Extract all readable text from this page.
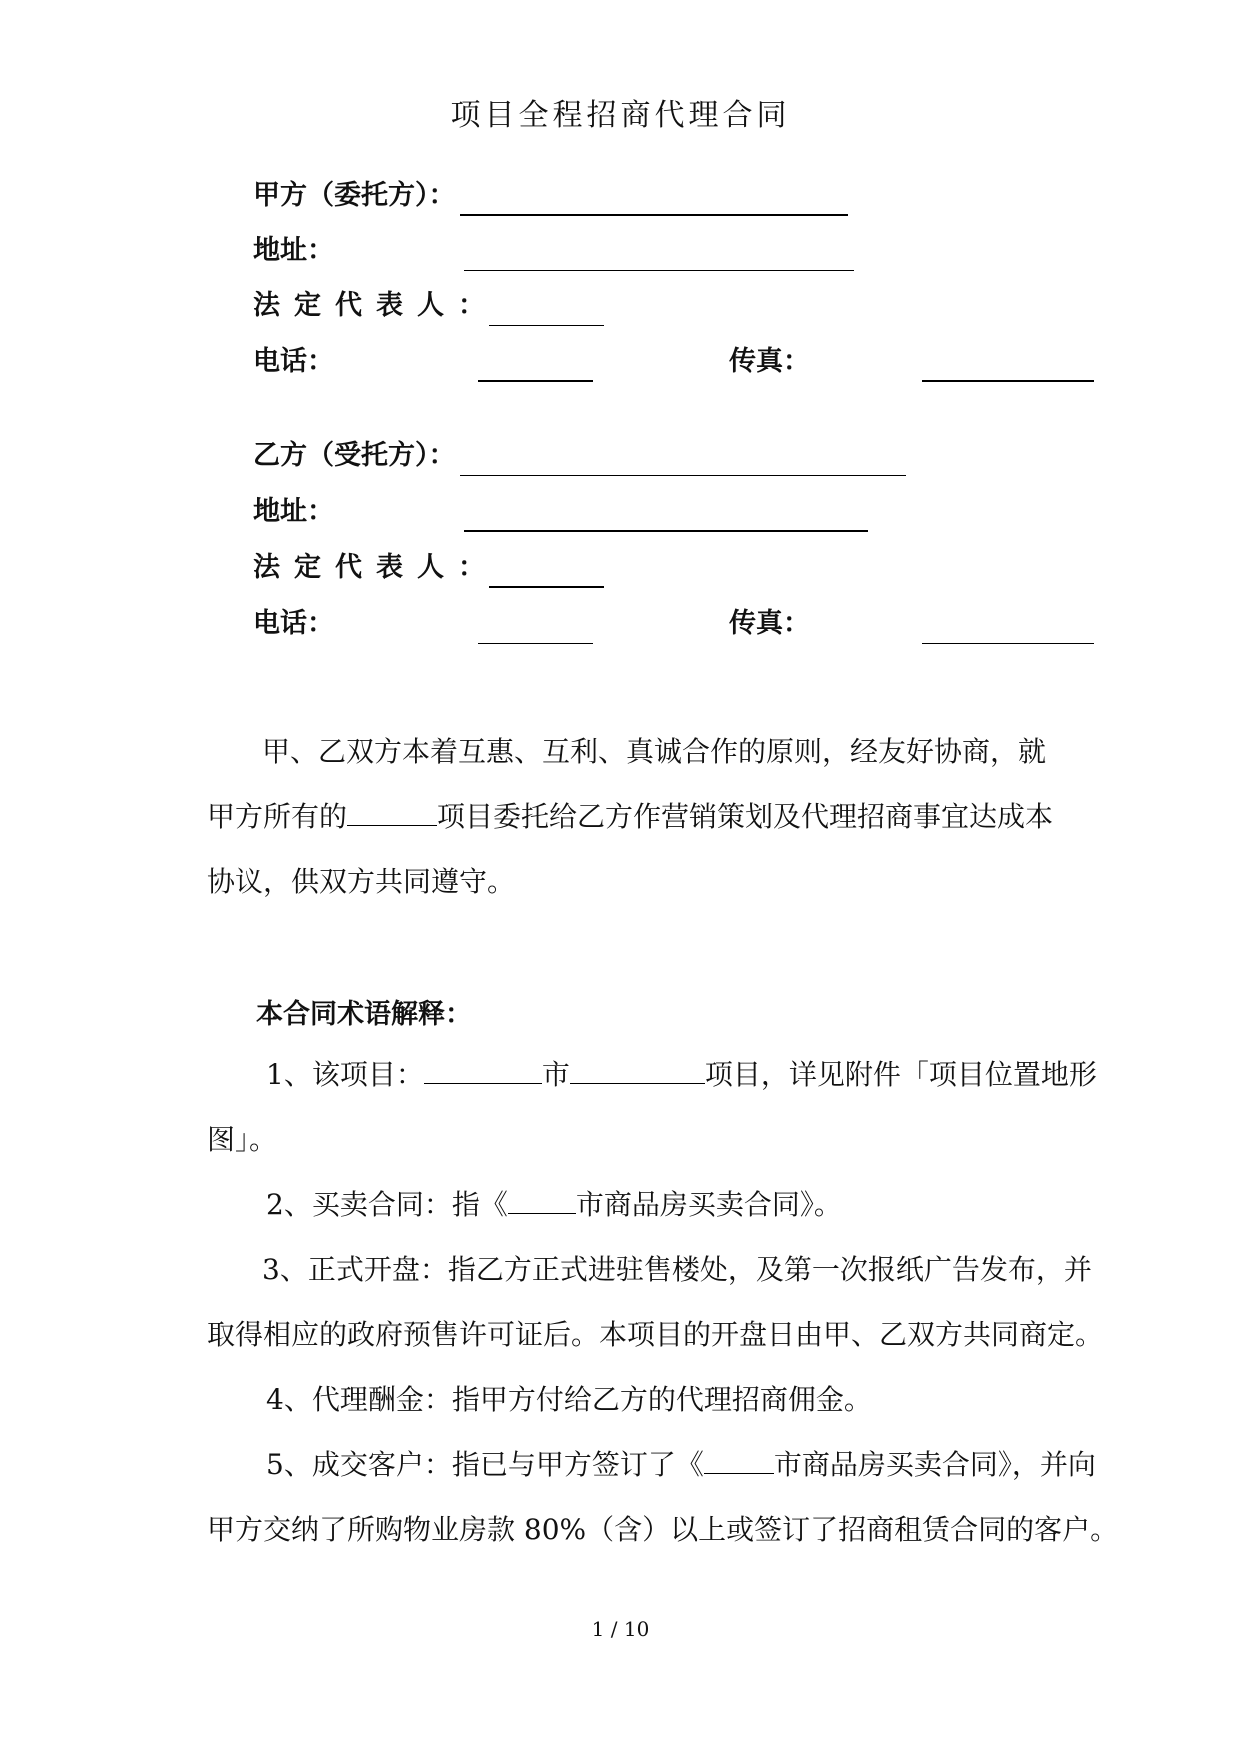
项目全程招商代理合同
甲方（委托方）：
地址：
法定代表人：
电话：	传真：
乙方（受托方）：
地址：
法定代表人：
电话：	传真：
甲、乙双方本着互惠、互利、真诚合作的原则，经友好协商，就
甲方所有的	项目委托给乙方作营销策划及代理招商事宜达成本
协议，供双方共同遵守。
本合同术语解释：
1、该项目：	市	项目，详见附件「项目位置地形
图」。
2、买卖合同：指《 市商品房买卖合同》。
3、正式开盘：指乙方正式进驻售楼处，及第一次报纸广告发布，并
取得相应的政府预售许可证后。本项目的开盘日由甲、乙双方共同商定。
4、代理酬金：指甲方付给乙方的代理招商佣金。
5、成交客户：指已与甲方签订了《	市商品房买卖合同》，并向
甲方交纳了所购物业房款 80%（含）以上或签订了招商租赁合同的客户。
1 / 10
